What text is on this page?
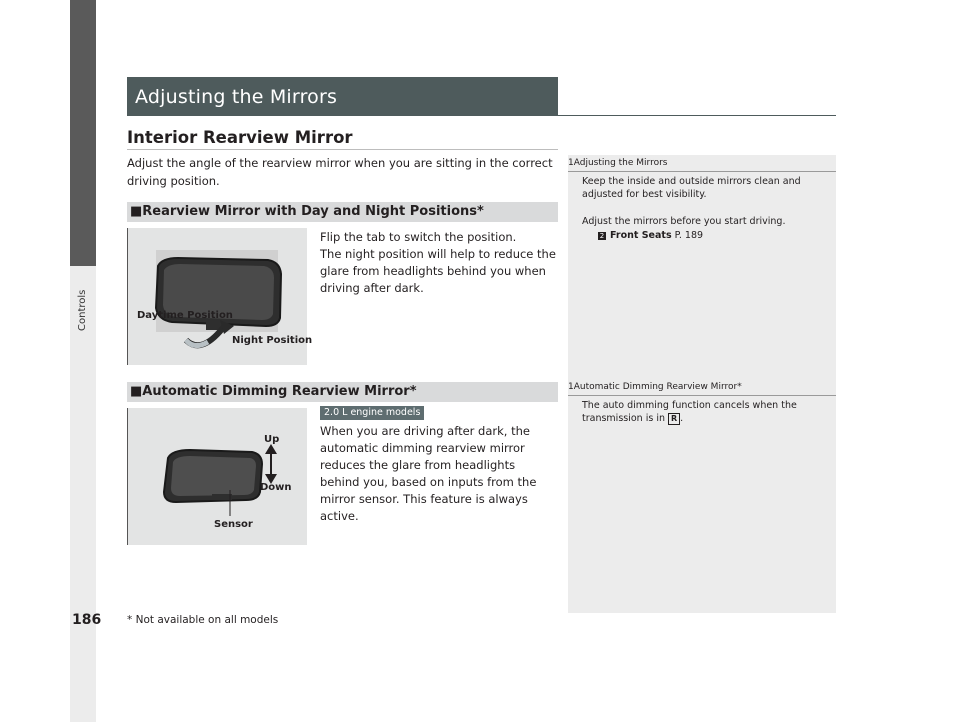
Controls
Adjusting the Mirrors
Interior Rearview Mirror
Adjust the angle of the rearview mirror when you are sitting in the correct driving position.
■Rearview Mirror with Day and Night Positions*
Daytime Position
Night Position
Flip the tab to switch the position.
The night position will help to reduce the glare from headlights behind you when driving after dark.
■Automatic Dimming Rearview Mirror*
2.0 L engine models
Up
Down
Sensor
When you are driving after dark, the automatic dimming rearview mirror reduces the glare from headlights behind you, based on inputs from the mirror sensor. This feature is always active.
1Adjusting the Mirrors
Keep the inside and outside mirrors clean and adjusted for best visibility.
Adjust the mirrors before you start driving.
2 Front Seats P. 189
1Automatic Dimming Rearview Mirror*
The auto dimming function cancels when the transmission is in R .
186 * Not available on all models
